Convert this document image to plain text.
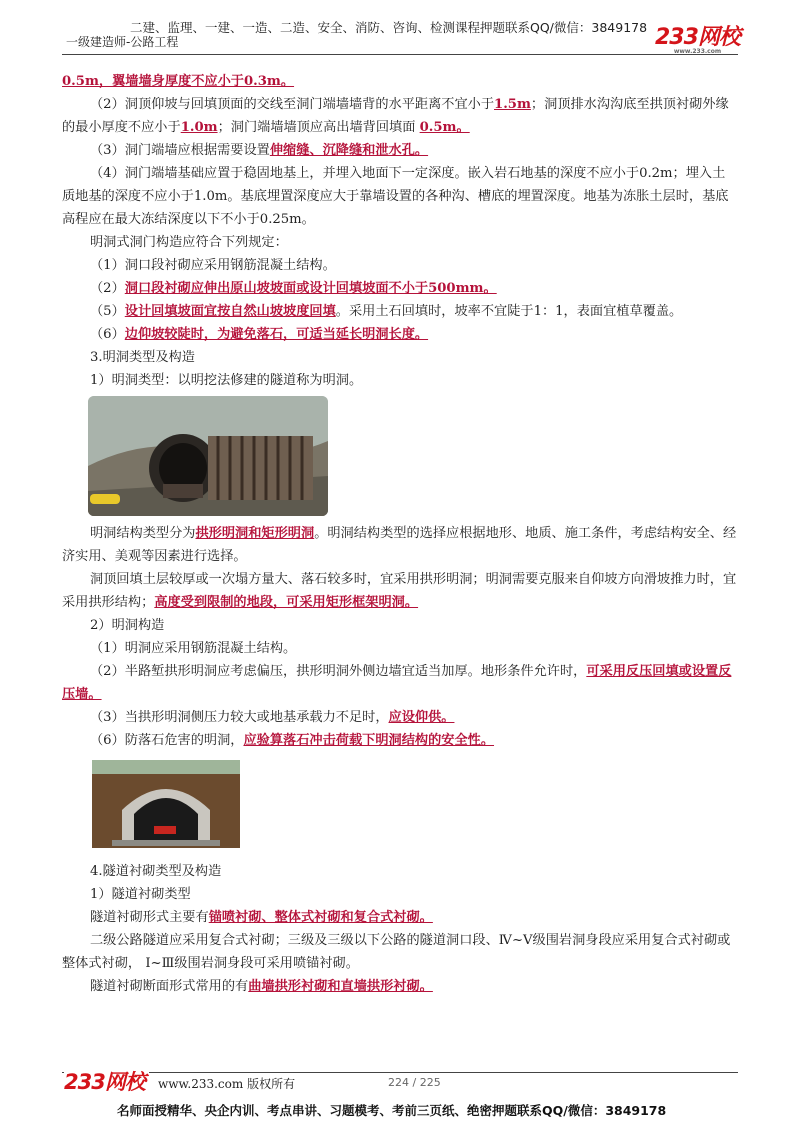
二建、监理、一建、一造、二造、安全、消防、咨询、检测课程押题联系QQ/微信：3849178
一级建造师-公路工程	233网校
www.233.com

0.5m，翼墙墙身厚度不应小于0.3m。

（2）洞顶仰坡与回填顶面的交线至洞门端墙墙背的水平距离不宜小于1.5m；洞顶排水沟沟底至拱顶衬砌外缘的最小厚度不应小于1.0m；洞门端墙墙顶应高出墙背回填面 0.5m。

（3）洞门端墙应根据需要设置伸缩缝、沉降缝和泄水孔。

（4）洞门端墙基础应置于稳固地基上，并埋入地面下一定深度。嵌入岩石地基的深度不应小于0.2m；埋入土质地基的深度不应小于1.0m。基底埋置深度应大于靠墙设置的各种沟、槽底的埋置深度。地基为冻胀土层时，基底高程应在最大冻结深度以下不小于0.25m。

明洞式洞门构造应符合下列规定：

（1）洞口段衬砌应采用钢筋混凝土结构。

（2）洞口段衬砌应伸出原山坡坡面或设计回填坡面不小于500mm。

（5）设计回填坡面宜按自然山坡坡度回填。采用土石回填时，坡率不宜陡于1：1，表面宜植草覆盖。

（6）边仰坡较陡时，为避免落石，可适当延长明洞长度。

3.明洞类型及构造

1）明洞类型：以明挖法修建的隧道称为明洞。

明洞结构类型分为拱形明洞和矩形明洞。明洞结构类型的选择应根据地形、地质、施工条件，考虑结构安全、经济实用、美观等因素进行选择。

洞顶回填土层较厚或一次塌方量大、落石较多时，宜采用拱形明洞；明洞需要克服来自仰坡方向滑坡推力时，宜采用拱形结构；高度受到限制的地段，可采用矩形框架明洞。

2）明洞构造

（1）明洞应采用钢筋混凝土结构。

（2）半路堑拱形明洞应考虑偏压，拱形明洞外侧边墙宜适当加厚。地形条件允许时，可采用反压回填或设置反压墙。

（3）当拱形明洞侧压力较大或地基承载力不足时，应设仰供。

（6）防落石危害的明洞，应验算落石冲击荷载下明洞结构的安全性。

4.隧道衬砌类型及构造

1）隧道衬砌类型

隧道衬砌形式主要有锚喷衬砌、整体式衬砌和复合式衬砌。

二级公路隧道应采用复合式衬砌；三级及三级以下公路的隧道洞口段、Ⅳ~Ⅴ级围岩洞身段应采用复合式衬砌或整体式衬砌， Ⅰ~Ⅲ级围岩洞身段可采用喷锚衬砌。

隧道衬砌断面形式常用的有曲墙拱形衬砌和直墙拱形衬砌。

233网校	www.233.com 版权所有	224 / 225
名师面授精华、央企内训、考点串讲、习题模考、考前三页纸、绝密押题联系QQ/微信：3849178
